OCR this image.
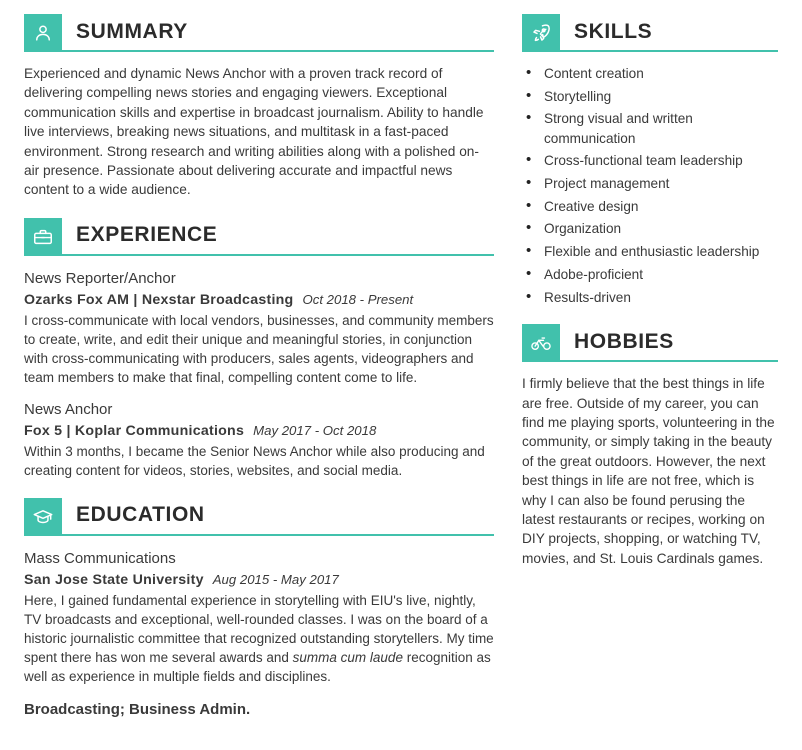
SUMMARY

Experienced and dynamic News Anchor with a proven track record of delivering compelling news stories and engaging viewers. Exceptional communication skills and expertise in broadcast journalism. Ability to handle live interviews, breaking news situations, and multitask in a fast-paced environment. Strong research and writing abilities along with a polished on-air presence. Passionate about delivering accurate and impactful news content to a wide audience.

EXPERIENCE
News Reporter/Anchor
Ozarks Fox AM | Nexstar Broadcasting Oct 2018 - Present
I cross-communicate with local vendors, businesses, and community members to create, write, and edit their unique and meaningful stories, in conjunction with cross-communicating with producers, sales agents, videographers and team members to make that final, compelling content come to life.
News Anchor
Fox 5 | Koplar Communications May 2017 - Oct 2018
Within 3 months, I became the Senior News Anchor while also producing and creating content for videos, stories, websites, and social media.
EDUCATION
Mass Communications
San Jose State University Aug 2015 - May 2017
Here, I gained fundamental experience in storytelling with EIU's live, nightly, TV broadcasts and exceptional, well-rounded classes. I was on the board of a historic journalistic committee that recognized outstanding storytellers. My time spent there has won me several awards and summa cum laude recognition as well as experience in multiple fields and disciplines.
Broadcasting; Business Admin.
SKILLS
• Content creation
• Storytelling
• Strong visual and written communication
• Cross-functional team leadership
• Project management
• Creative design
• Organization
• Flexible and enthusiastic leadership
• Adobe-proficient
• Results-driven
HOBBIES

I firmly believe that the best things in life are free. Outside of my career, you can find me playing sports, volunteering in the community, or simply taking in the beauty of the great outdoors. However, the next best things in life are not free, which is why I can also be found perusing the latest restaurants or recipes, working on DIY projects, shopping, or watching TV, movies, and St. Louis Cardinals games.
